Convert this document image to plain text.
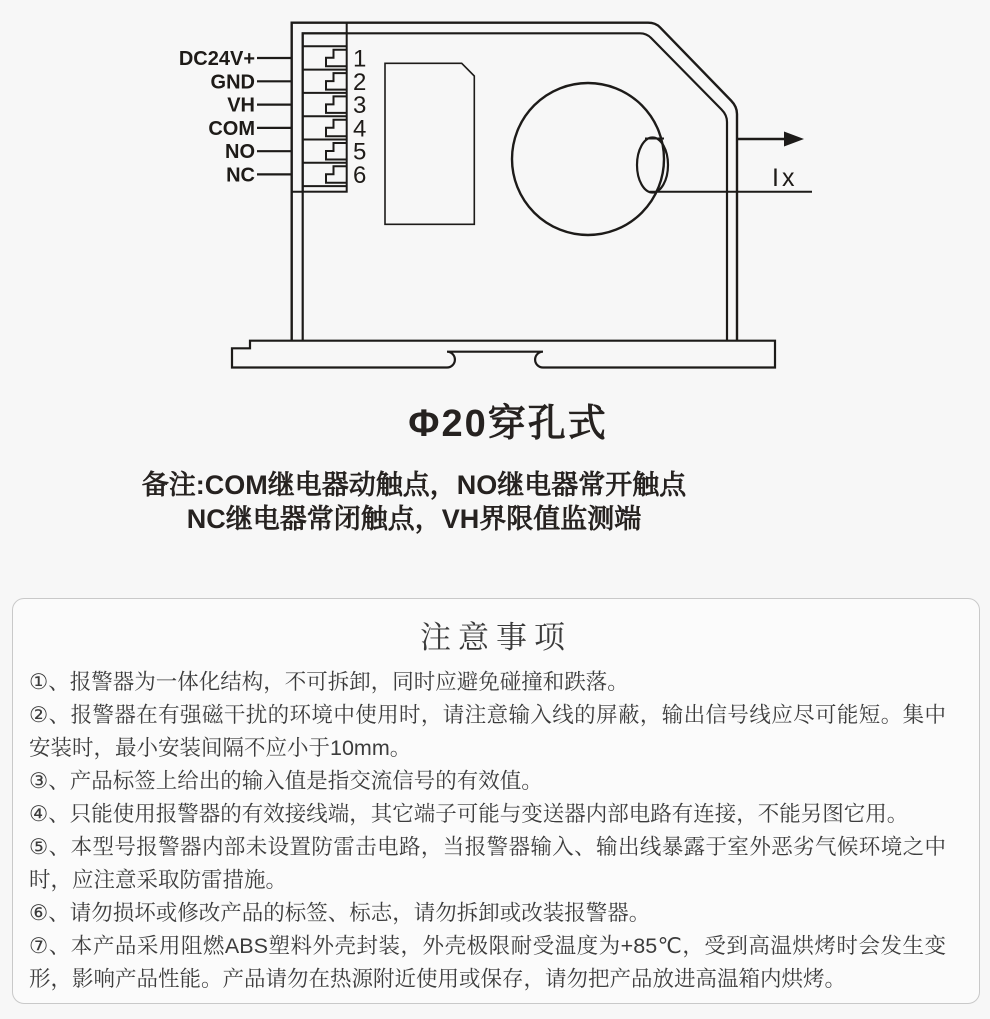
Ix
DC24V+
GND
VH
COM
NO
NC
1
2
3
4
5
6
Φ20穿孔式
备注:COM继电器动触点，NO继电器常开触点
NC继电器常闭触点，VH界限值监测端
注意事项

①、报警器为一体化结构，不可拆卸，同时应避免碰撞和跌落。

②、报警器在有强磁干扰的环境中使用时，请注意输入线的屏蔽，输出信号线应尽可能短。集中安装时，最小安装间隔不应小于10mm。

③、产品标签上给出的输入值是指交流信号的有效值。

④、只能使用报警器的有效接线端，其它端子可能与变送器内部电路有连接，不能另图它用。

⑤、本型号报警器内部未设置防雷击电路，当报警器输入、输出线暴露于室外恶劣气候环境之中时，应注意采取防雷措施。

⑥、请勿损坏或修改产品的标签、标志，请勿拆卸或改装报警器。

⑦、本产品采用阻燃ABS塑料外壳封装，外壳极限耐受温度为+85℃，受到高温烘烤时会发生变形，影响产品性能。产品请勿在热源附近使用或保存，请勿把产品放进高温箱内烘烤。
